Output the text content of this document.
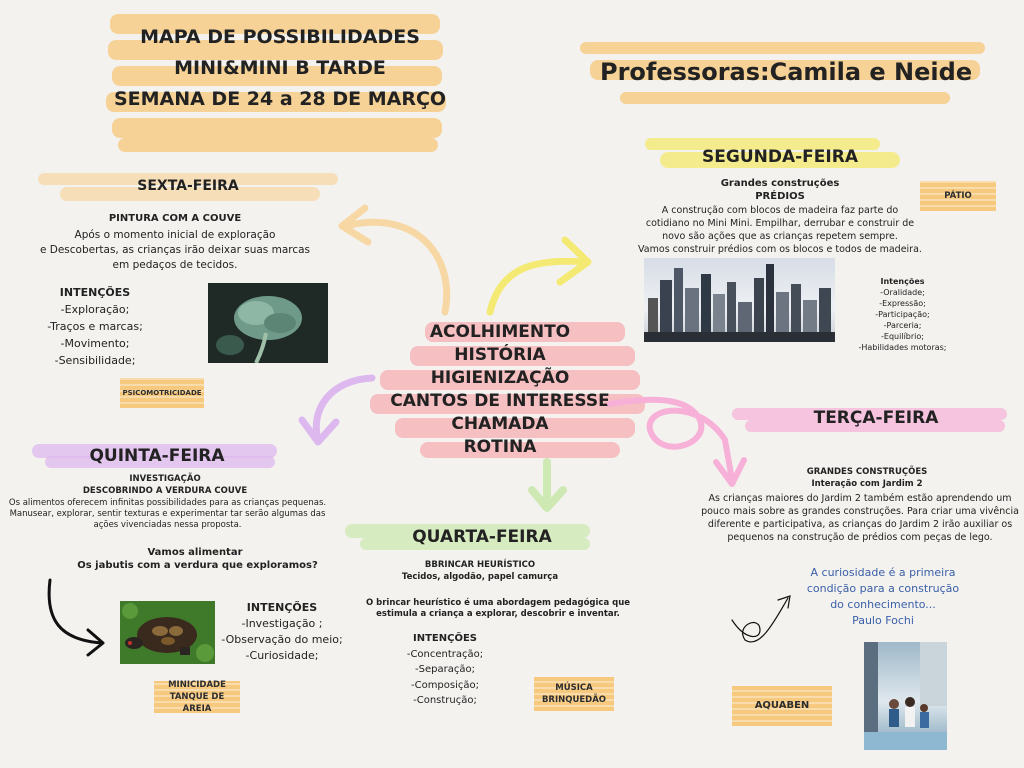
MAPA DE POSSIBILIDADES
MINI&MINI B TARDE
SEMANA DE 24 a 28 DE MARÇO
Professoras:Camila e Neide
ACOLHIMENTO
HISTÓRIA
HIGIENIZAÇÃO
CANTOS DE INTERESSE
CHAMADA
ROTINA
SEGUNDA-FEIRA
Grandes construções
PRÉDIOS
A construção com blocos de madeira faz parte do
cotidiano no Mini Mini. Empilhar, derrubar e construir de
novo são ações que as crianças repetem sempre.
Vamos construir prédios com os blocos e todos de madeira.
PÁTIO
Intenções
-Oralidade;
-Expressão;
-Participação;
-Parceria;
-Equilíbrio;
-Habilidades motoras;
SEXTA-FEIRA
PINTURA COM A COUVE
Após o momento inicial de exploração
e Descobertas, as crianças irão deixar suas marcas
em pedaços de tecidos.
INTENÇÕES
-Exploração;
-Traços e marcas;
-Movimento;
-Sensibilidade;
PSICOMOTRICIDADE
TERÇA-FEIRA
GRANDES CONSTRUÇÕES
Interação com Jardim 2
As crianças maiores do Jardim 2 também estão aprendendo um
pouco mais sobre as grandes construções. Para criar uma vivência
diferente e participativa, as crianças do Jardim 2 irão auxiliar os
pequenos na construção de prédios com peças de lego.
A curiosidade é a primeira
condição para a construção
do conhecimento...
Paulo Fochi
AQUABEN
QUINTA-FEIRA
INVESTIGAÇÃO
DESCOBRINDO A VERDURA COUVE
Os alimentos oferecem infinitas possibilidades para as crianças pequenas.
Manusear, explorar, sentir texturas e experimentar tar serão algumas das
ações vivenciadas nessa proposta.
Vamos alimentar
Os jabutis com a verdura que exploramos?
INTENÇÕES
-Investigação ;
-Observação do meio;
-Curiosidade;
MINICIDADE
TANQUE DE AREIA
QUARTA-FEIRA
BBRINCAR HEURÍSTICO
Tecidos, algodão, papel camurça
O brincar heurístico é uma abordagem pedagógica que
estimula a criança a explorar, descobrir e inventar.
INTENÇÕES
-Concentração;
-Separação;
-Composição;
-Construção;
MÚSICA
BRINQUEDÃO
